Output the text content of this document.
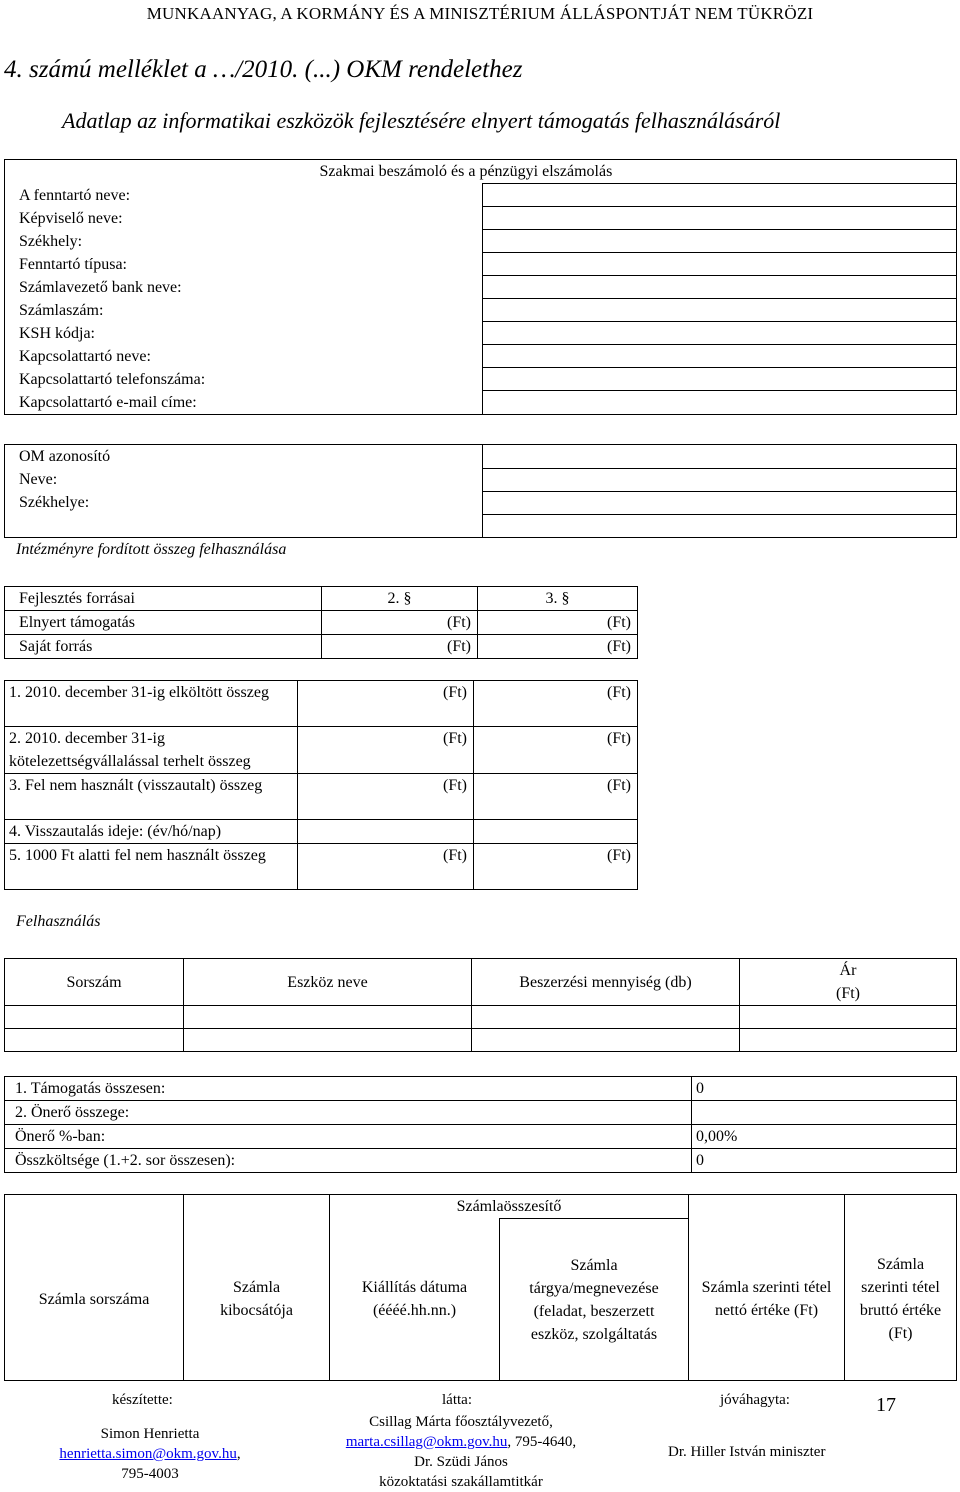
MUNKAANYAG, A KORMÁNY ÉS A MINISZTÉRIUM ÁLLÁSPONTJÁT NEM TÜKRÖZI
4. számú melléklet a …/2010. (...) OKM rendelethez
Adatlap az informatikai eszközök fejlesztésére elnyert támogatás felhasználásáról
	Szakmai beszámoló és a pénzügyi elszámolás
A fenntartó neve:	
Képviselő neve:	
Székhely:	
Fenntartó típusa:	
Számlavezető bank neve:	
Számlaszám:	
KSH kódja:	
Kapcsolattartó neve:	
Kapcsolattartó telefonszáma:	
Kapcsolattartó e-mail címe:	
OM azonosító	
Neve:	
Székhelye:	

Intézményre fordított összeg felhasználása
Fejlesztés forrásai	2. §	3. §
Elnyert támogatás	(Ft)	(Ft)
Saját forrás	(Ft)	(Ft)
1. 2010. december 31-ig elköltött összeg	(Ft)	(Ft)
2. 2010. december 31-ig kötelezettségvállalással terhelt összeg	(Ft)	(Ft)
3. Fel nem használt (visszautalt) összeg	(Ft)	(Ft)
4. Visszautalás ideje: (év/hó/nap)		
5. 1000 Ft alatti fel nem használt összeg	(Ft)	(Ft)
Felhasználás
Sorszám	Eszköz neve	Beszerzési mennyiség (db)	Ár (Ft)

1. Támogatás összesen:	0
2. Önerő összege:	
Önerő %-ban:	0,00%
Összköltsége (1.+2. sor összesen):	0
		Számlaösszesítő			
Számla sorszáma	Számla kibocsátója	Kiállítás dátuma (éééé.hh.nn.)	Számla tárgya/megnevezése (feladat, beszerzett eszköz, szolgáltatás	Számla szerinti tétel nettó értéke (Ft)	Számla szerinti tétel bruttó értéke (Ft)
készítette:
Simon Henrietta
henrietta.simon@okm.gov.hu,
795-4003
látta:
Csillag Márta főosztályvezető,
marta.csillag@okm.gov.hu, 795-4640,
Dr. Szüdi János
közoktatási szakállamtitkár
jóváhagyta:
Dr. Hiller István miniszter
17
